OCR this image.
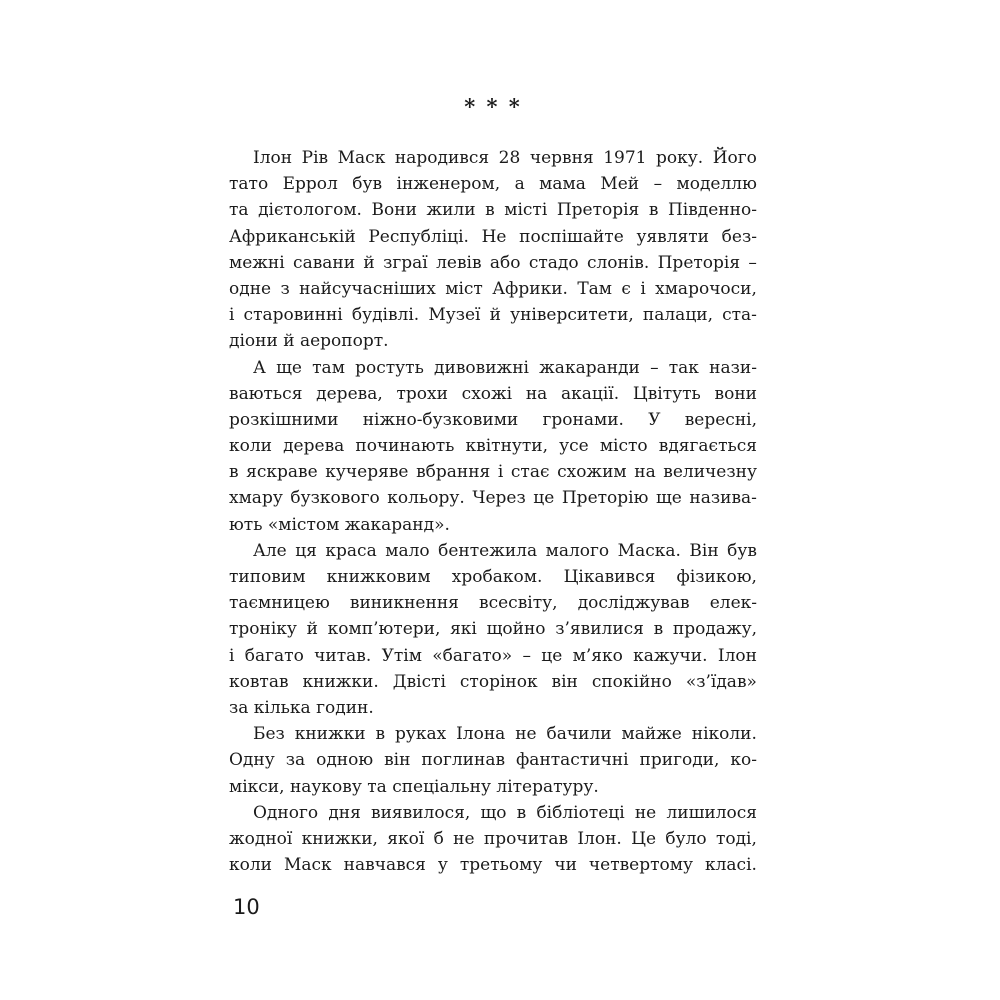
* * *
Ілон Рів Маск народився 28 червня 1971 року. Його
тато Еррол був інженером, а мама Мей – моделлю
та дієтологом. Вони жили в місті Преторія в Південно-
Африканській Республіці. Не поспішайте уявляти без-
межні савани й зграї левів або стадо слонів. Преторія –
одне з найсучасніших міст Африки. Там є і хмарочоси,
і старовинні будівлі. Музеї й університети, палаци, ста-
діони й аеропорт.
А ще там ростуть дивовижні жакаранди – так нази-
ваються дерева, трохи схожі на акації. Цвітуть вони
розкішними ніжно-бузковими гронами. У вересні,
коли дерева починають квітнути, усе місто вдягається
в яскраве кучеряве вбрання і стає схожим на величезну
хмару бузкового кольору. Через це Преторію ще назива-
ють «містом жакаранд».
Але ця краса мало бентежила малого Маска. Він був
типовим книжковим хробаком. Цікавився фізикою,
таємницею виникнення всесвіту, досліджував елек-
троніку й комп’ютери, які щойно з’явилися в продажу,
і багато читав. Утім «багато» – це м’яко кажучи. Ілон
ковтав книжки. Двісті сторінок він спокійно «з’їдав»
за кілька годин.
Без книжки в руках Ілона не бачили майже ніколи.
Одну за одною він поглинав фантастичні пригоди, ко-
мікси, наукову та спеціальну літературу.
Одного дня виявилося, що в бібліотеці не лишилося
жодної книжки, якої б не прочитав Ілон. Це було тоді,
коли Маск навчався у третьому чи четвертому класі.
10
